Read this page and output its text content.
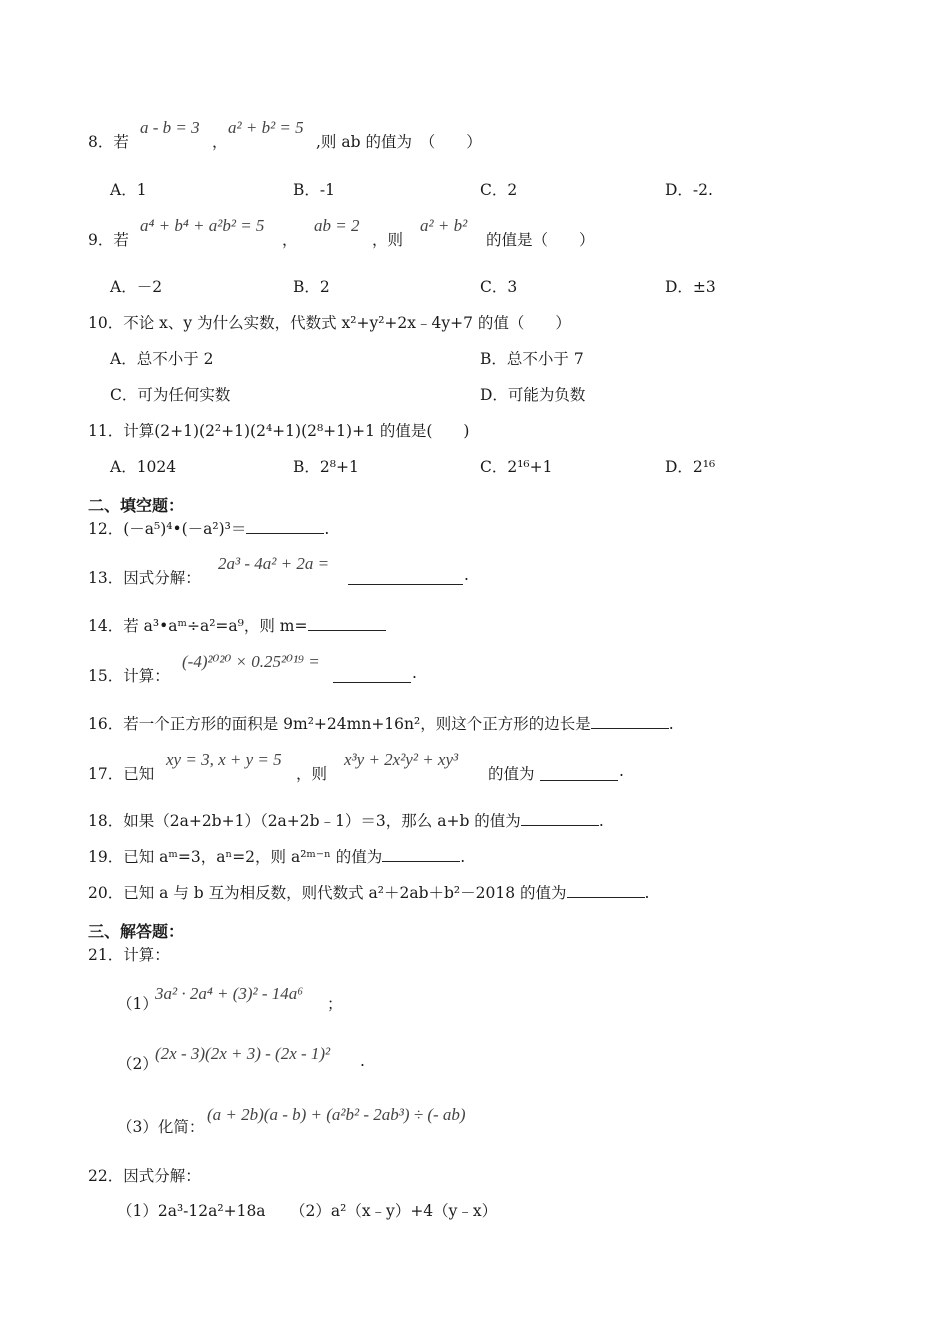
8．若
a - b = 3
，
a² + b² = 5
,则 ab 的值为　（　　）
A．1	B．-1	C．2	D．-2.
9．若
a⁴ + b⁴ + a²b² = 5
，
ab = 2
，则
a² + b²
的值是（　　）
A．－2	B．2	C．3	D．±3
10．不论 x、y 为什么实数，代数式 x²+y²+2x﹣4y+7 的值（　　）
A．总不小于 2	B．总不小于 7
C．可为任何实数	D．可能为负数
11．计算(2+1)(2²+1)(2⁴+1)(2⁸+1)+1 的值是(　　)
A．1024	B．2⁸+1	C．2¹⁶+1	D．2¹⁶
二、填空题：
12．(－a⁵)⁴•(－a²)³＝	.
13．因式分解：
2a³ - 4a² + 2a =
.
14．若 a³•aᵐ÷a²=a⁹，则 m=
15．计算：
(-4)²⁰²⁰ × 0.25²⁰¹⁹ =
.
16．若一个正方形的面积是 9m²+24mn+16n²，则这个正方形的边长是	.
17．已知
xy = 3, x + y = 5
，则
x³y + 2x²y² + xy³
的值为	.
18．如果（2a+2b+1）（2a+2b﹣1）＝3，那么 a+b 的值为	.
19．已知 aᵐ=3，aⁿ=2，则 a²ᵐ⁻ⁿ 的值为	.
20．已知 a 与 b 互为相反数，则代数式 a²＋2ab＋b²－2018 的值为	.
三、解答题：
21．计算：
（1）
3a² · 2a⁴ + (3)² - 14a⁶
；
（2）
(2x - 3)(2x + 3) - (2x - 1)² .
（3）化简：
(a + 2b)(a - b) + (a²b² - 2ab³) ÷ (- ab)
22．因式分解：
（1）2a³-12a²+18a （2）a²（x﹣y）+4（y﹣x）
